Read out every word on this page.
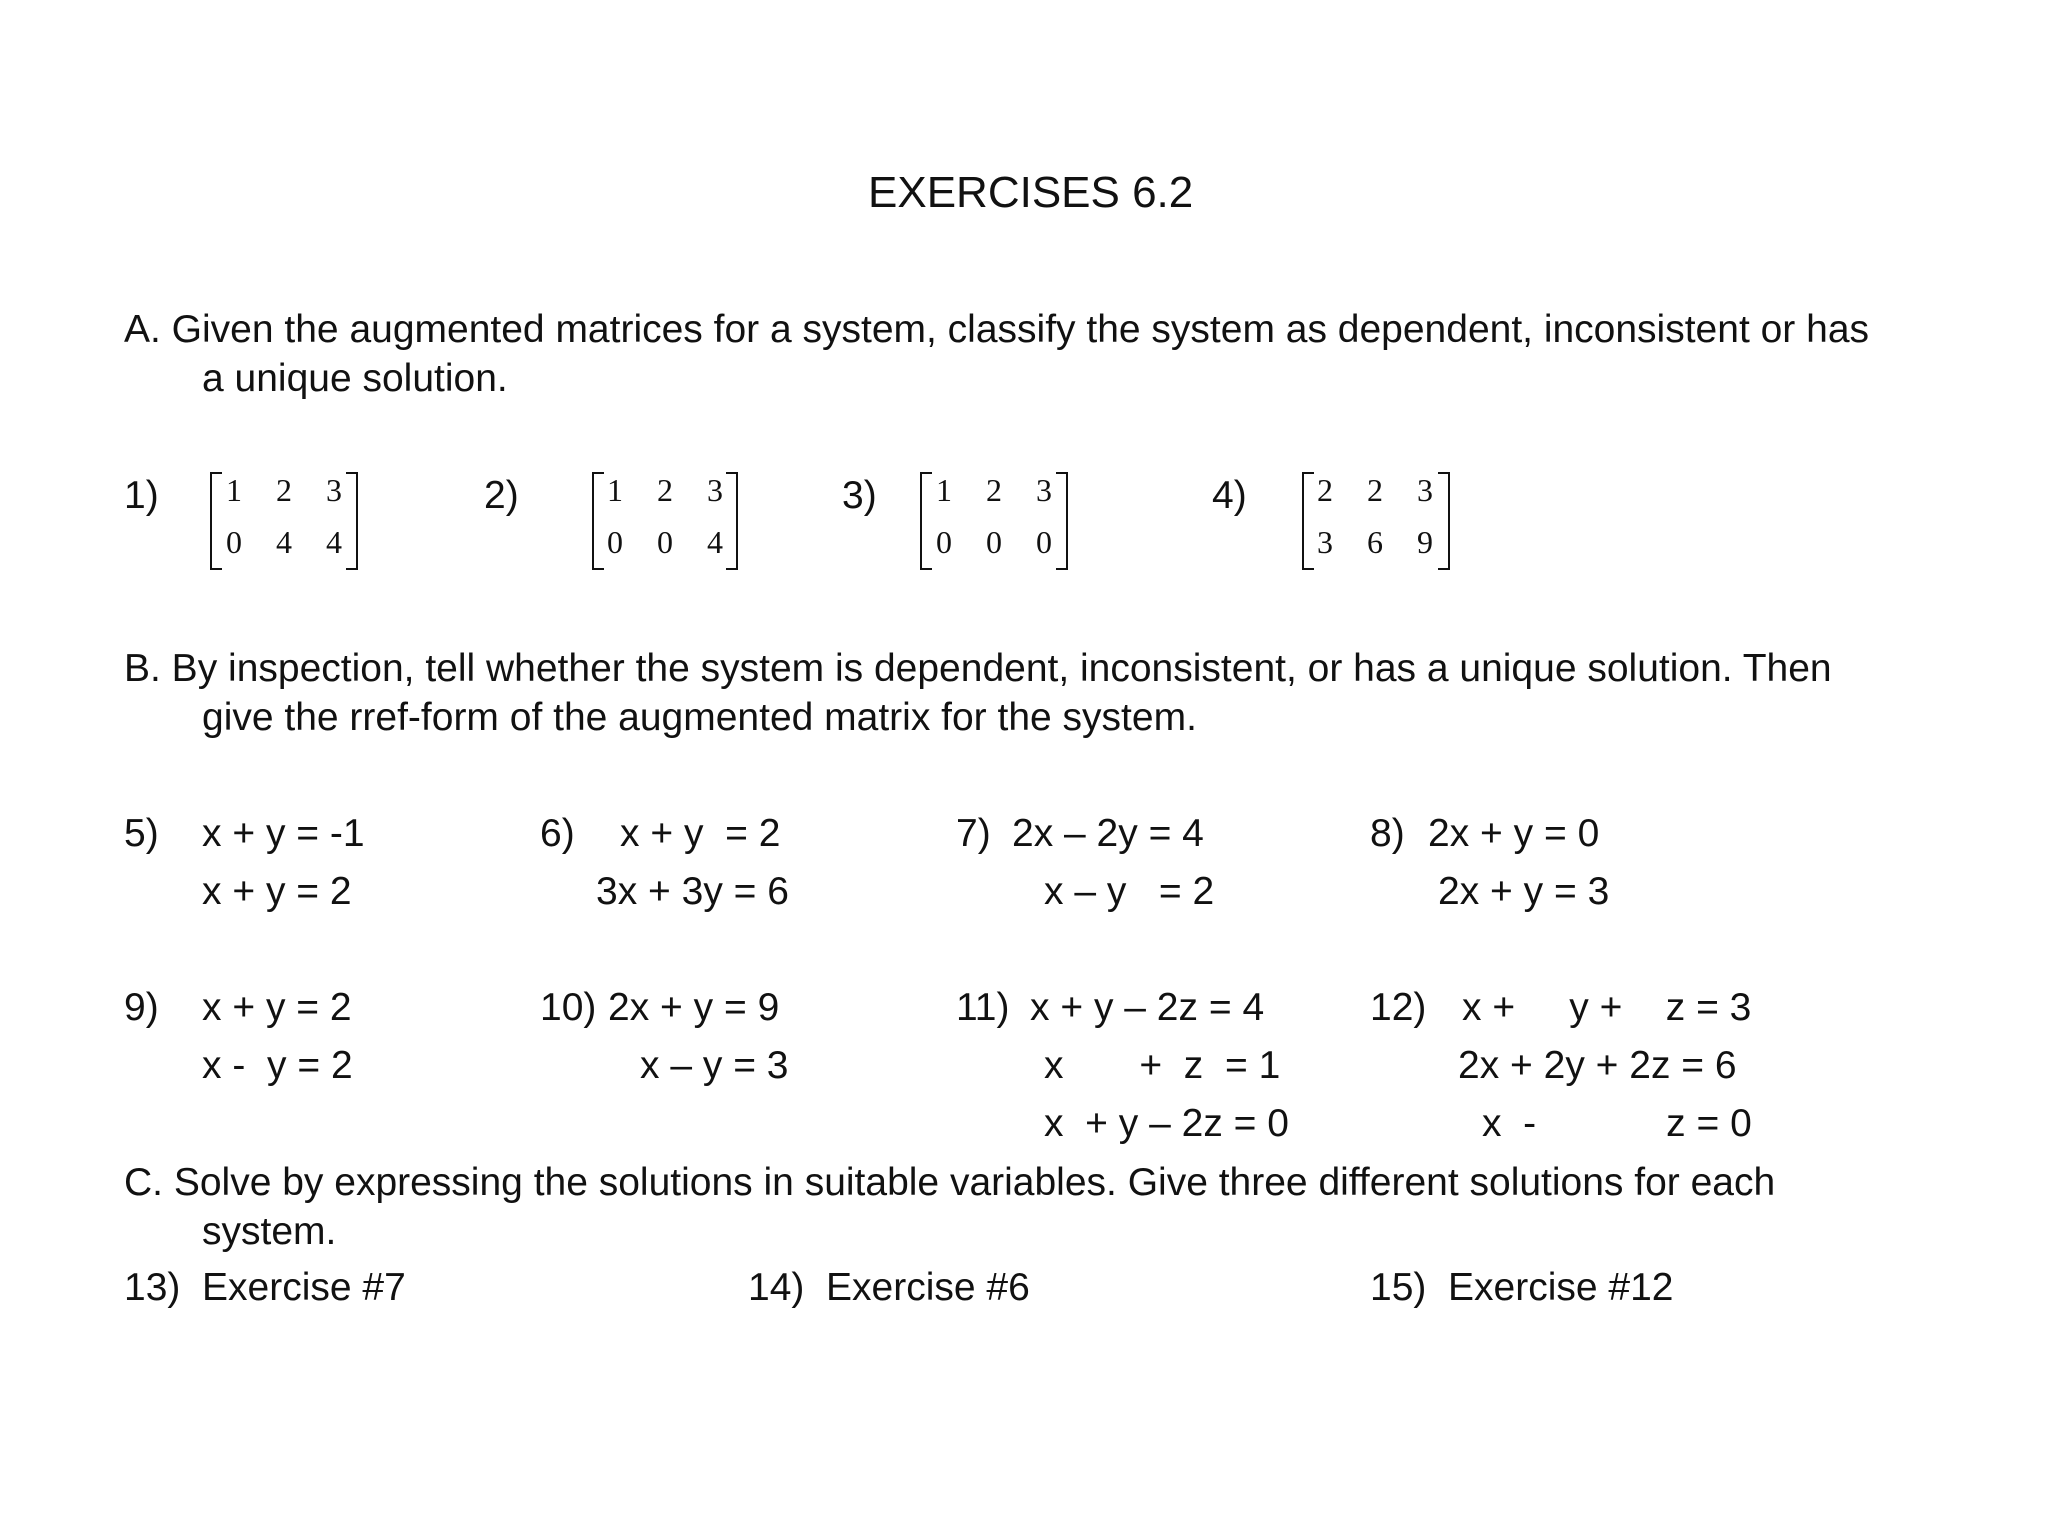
EXERCISES 6.2
A. Given the augmented matrices for a system, classify the system as dependent, inconsistent or has
a unique solution.
1)	1 2 3
0 4 4
2)	1 2 3
0 0 4
3)	1 2 3
0 0 0
4)	2 2 3
3 6 9
B. By inspection, tell whether the system is dependent, inconsistent, or has a unique solution. Then
give the rref-form of the augmented matrix for the system.
5) x + y = -1
x + y = 2
6) x + y  = 2
3x + 3y = 6
7) 2x – 2y = 4
x – y   = 2
8) 2x + y = 0
2x + y = 3
9) x + y = 2
x -  y = 2
10) 2x + y = 9
x – y = 3
11) x + y – 2z = 4
x       +  z  = 1
x  + y – 2z = 0
12) x +     y +    z = 3
2x + 2y + 2z = 6
x  -            z = 0
C. Solve by expressing the solutions in suitable variables. Give three different solutions for each
system.
13)  Exercise #7	14)  Exercise #6	15)  Exercise #12
